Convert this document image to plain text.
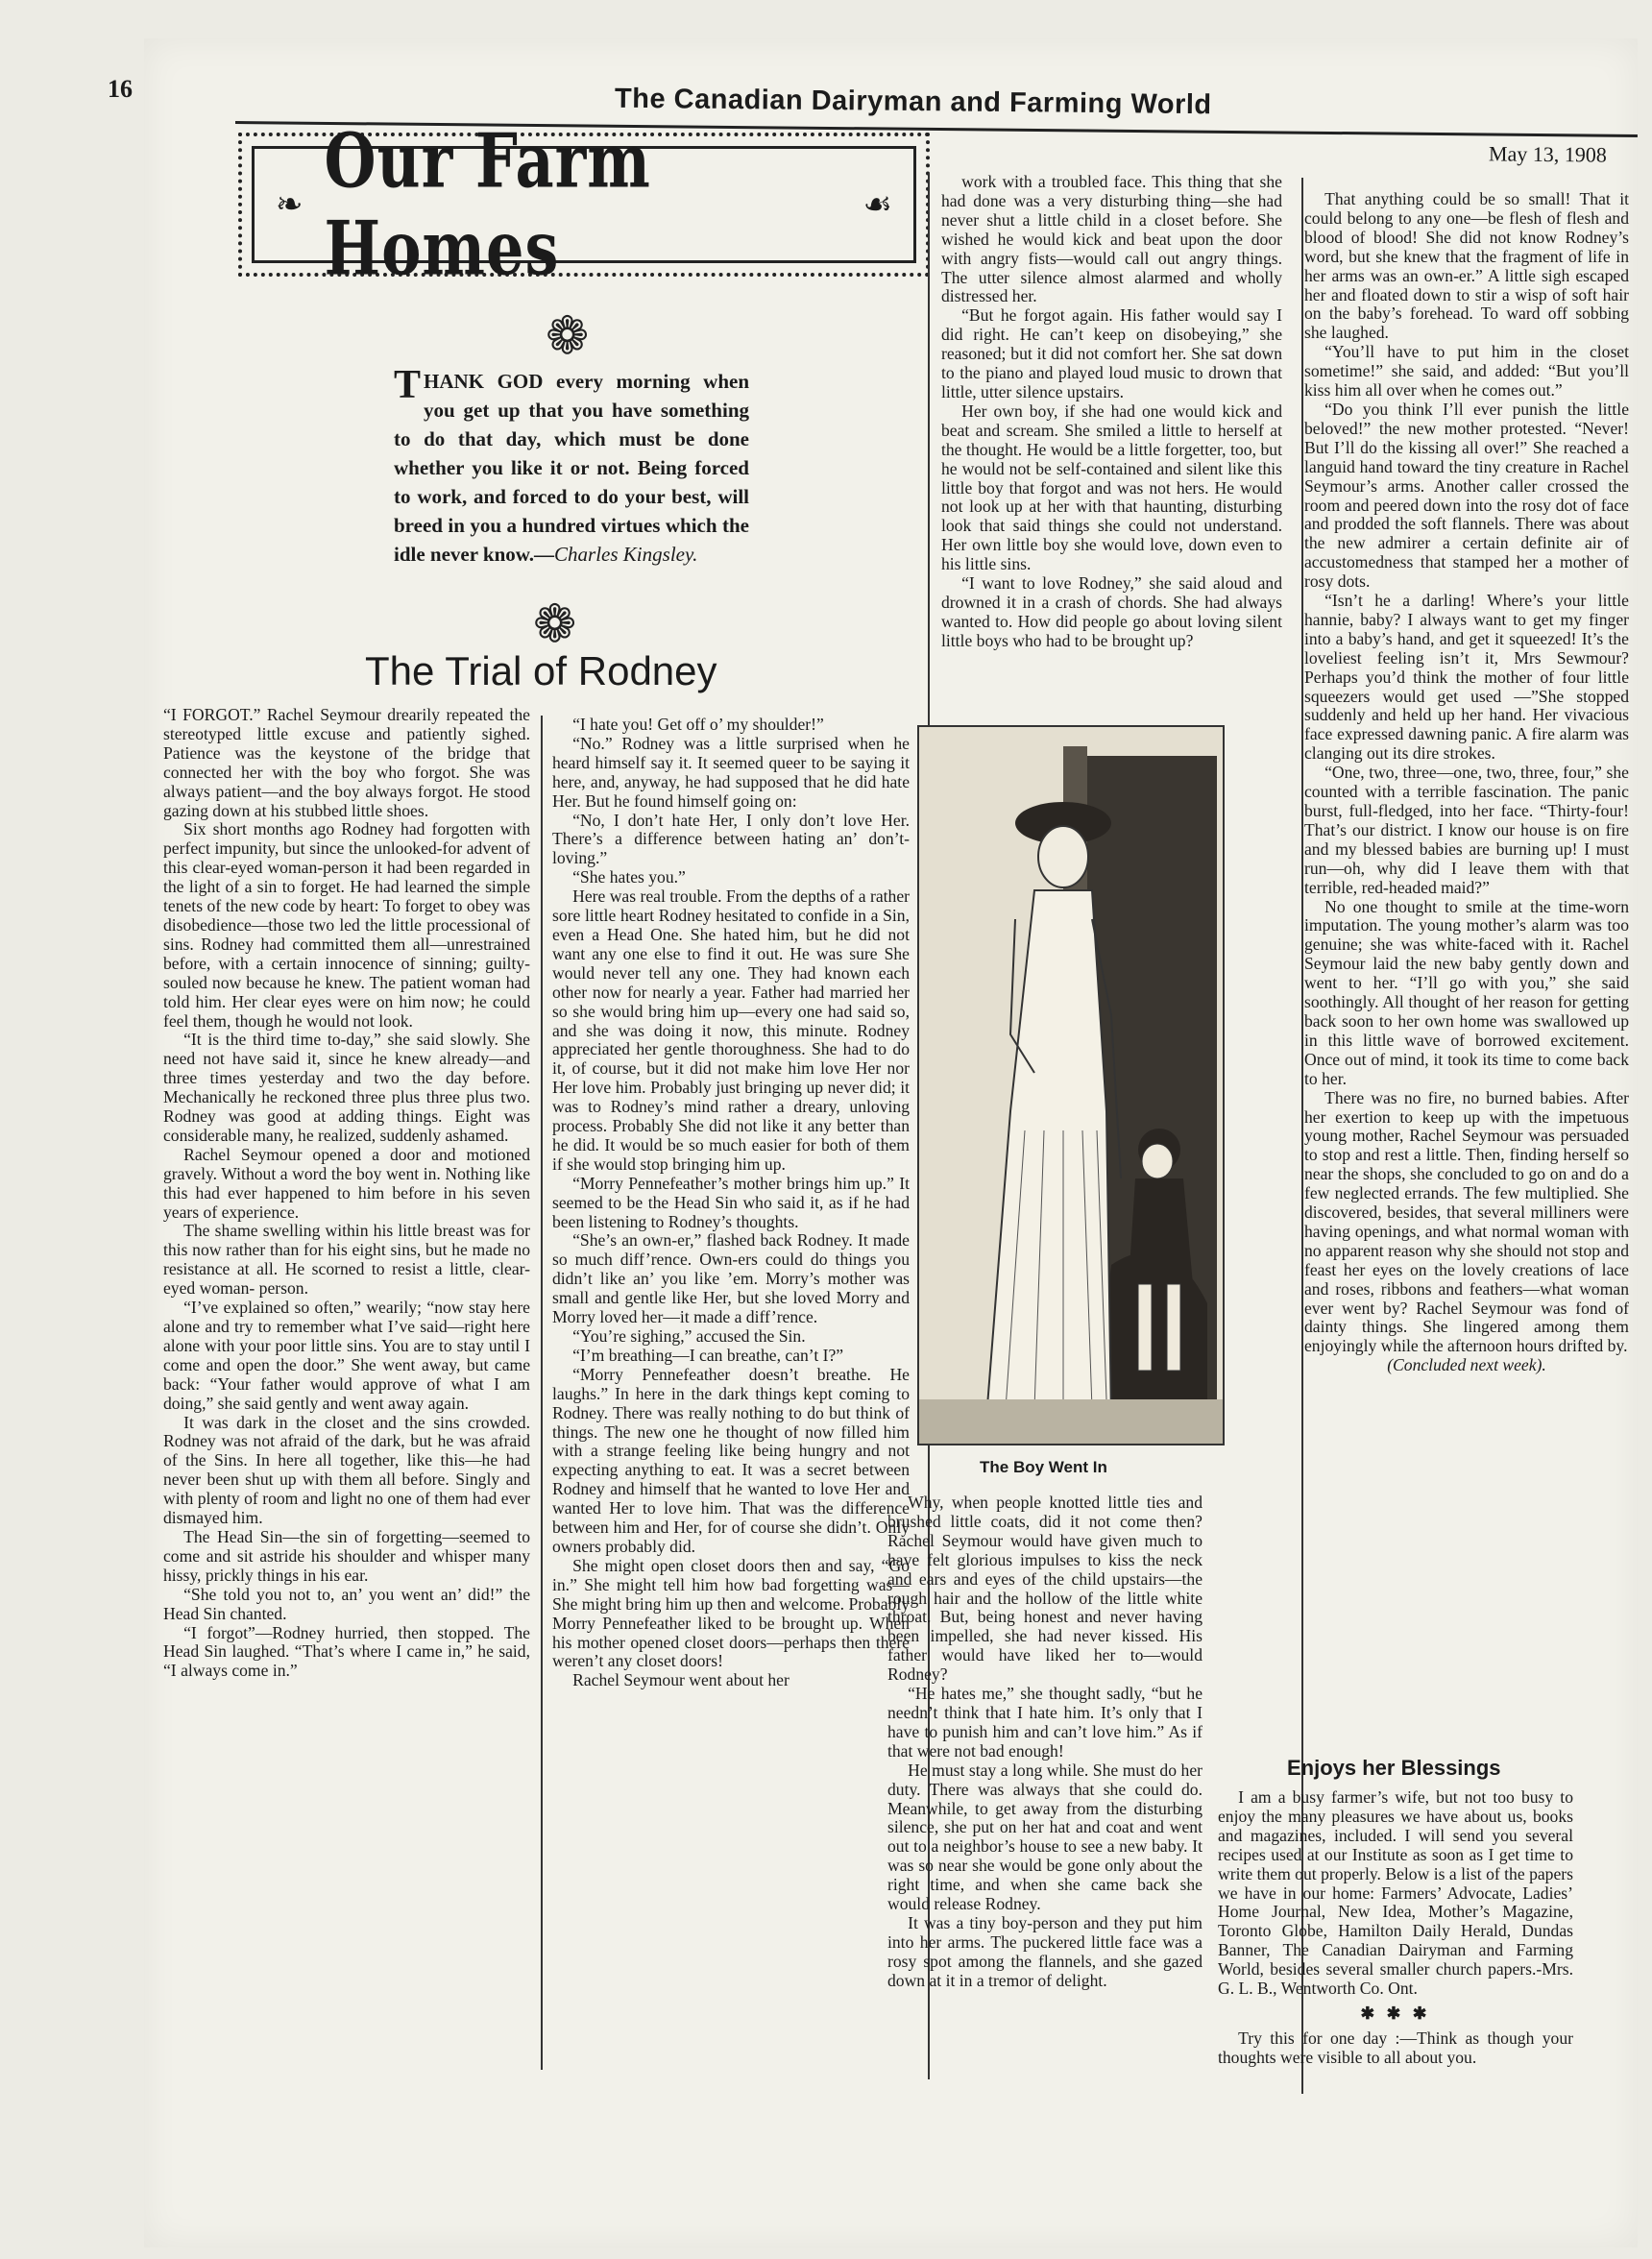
16	The Canadian Dairyman and Farming World
May 13, 1908
❧
Our Farm Homes	☙
❁
THANK GOD every morning when you get up that you have something to do that day, which must be done whether you like it or not. Being forced to work, and forced to do your best, will breed in you a hundred virtues which the idle never know.—Charles Kingsley.
❁
The Trial of Rodney

“I FORGOT.” Rachel Seymour drearily repeated the stereotyped little excuse and patiently sighed. Patience was the keystone of the bridge that connected her with the boy who forgot. She was always patient—and the boy always forgot. He stood gazing down at his stubbed little shoes.

Six short months ago Rodney had forgotten with perfect impunity, but since the unlooked-for advent of this clear-eyed woman-person it had been regarded in the light of a sin to forget. He had learned the simple tenets of the new code by heart: To forget to obey was disobedience—those two led the little processional of sins. Rodney had committed them all—unrestrained before, with a certain innocence of sinning; guilty-souled now because he knew. The patient woman had told him. Her clear eyes were on him now; he could feel them, though he would not look.

“It is the third time to-day,” she said slowly. She need not have said it, since he knew already—and three times yesterday and two the day before. Mechanically he reckoned three plus three plus two. Rodney was good at adding things. Eight was considerable many, he realized, suddenly ashamed.

Rachel Seymour opened a door and motioned gravely. Without a word the boy went in. Nothing like this had ever happened to him before in his seven years of experience.

The shame swelling within his little breast was for this now rather than for his eight sins, but he made no resistance at all. He scorned to resist a little, clear-eyed woman- person.

“I’ve explained so often,” wearily; “now stay here alone and try to remember what I’ve said—right here alone with your poor little sins. You are to stay until I come and open the door.” She went away, but came back: “Your father would approve of what I am doing,” she said gently and went away again.

It was dark in the closet and the sins crowded. Rodney was not afraid of the dark, but he was afraid of the Sins. In here all together, like this—he had never been shut up with them all before. Singly and with plenty of room and light no one of them had ever dismayed him.

The Head Sin—the sin of forgetting—seemed to come and sit astride his shoulder and whisper many hissy, prickly things in his ear.

“She told you not to, an’ you went an’ did!” the Head Sin chanted.

“I forgot”—Rodney hurried, then stopped. The Head Sin laughed. “That’s where I came in,” he said, “I always come in.”

“I hate you! Get off o’ my shoulder!”

“No.” Rodney was a little surprised when he heard himself say it. It seemed queer to be saying it here, and, anyway, he had supposed that he did hate Her. But he found himself going on:

“No, I don’t hate Her, I only don’t love Her. There’s a difference between hating an’ don’t-loving.”

“She hates you.”

Here was real trouble. From the depths of a rather sore little heart Rodney hesitated to confide in a Sin, even a Head One. She hated him, but he did not want any one else to find it out. He was sure She would never tell any one. They had known each other now for nearly a year. Father had married her so she would bring him up—every one had said so, and she was doing it now, this minute. Rodney appreciated her gentle thoroughness. She had to do it, of course, but it did not make him love Her nor Her love him. Probably just bringing up never did; it was to Rodney’s mind rather a dreary, unloving process. Probably She did not like it any better than he did. It would be so much easier for both of them if she would stop bringing him up.

“Morry Pennefeather’s mother brings him up.” It seemed to be the Head Sin who said it, as if he had been listening to Rodney’s thoughts.

“She’s an own-er,” flashed back Rodney. It made so much diff’rence. Own-ers could do things you didn’t like an’ you like ’em. Morry’s mother was small and gentle like Her, but she loved Morry and Morry loved her—it made a diff’rence.

“You’re sighing,” accused the Sin.

“I’m breathing—I can breathe, can’t I?”

“Morry Pennefeather doesn’t breathe. He laughs.” In here in the dark things kept coming to Rodney. There was really nothing to do but think of things. The new one he thought of now filled him with a strange feeling like being hungry and not expecting anything to eat. It was a secret between Rodney and himself that he wanted to love Her and wanted Her to love him. That was the difference between him and Her, for of course she didn’t. Only owners probably did.

She might open closet doors then and say, “Go in.” She might tell him how bad forgetting was—She might bring him up then and welcome. Probably Morry Pennefeather liked to be brought up. When his mother opened closet doors—perhaps then there weren’t any closet doors!

Rachel Seymour went about her

work with a troubled face. This thing that she had done was a very disturbing thing—she had never shut a little child in a closet before. She wished he would kick and beat upon the door with angry fists—would call out angry things. The utter silence almost alarmed and wholly distressed her.

“But he forgot again. His father would say I did right. He can’t keep on disobeying,” she reasoned; but it did not comfort her. She sat down to the piano and played loud music to drown that little, utter silence upstairs.

Her own boy, if she had one would kick and beat and scream. She smiled a little to herself at the thought. He would be a little forgetter, too, but he would not be self-contained and silent like this little boy that forgot and was not hers. He would not look up at her with that haunting, disturbing look that said things she could not understand. Her own little boy she would love, down even to his little sins.

“I want to love Rodney,” she said aloud and drowned it in a crash of chords. She had always wanted to. How did people go about loving silent little boys who had to be brought up?

The Boy Went In

Why, when people knotted little ties and brushed little coats, did it not come then? Rachel Seymour would have given much to have felt glorious impulses to kiss the neck and ears and eyes of the child upstairs—the rough hair and the hollow of the little white throat. But, being honest and never having been impelled, she had never kissed. His father would have liked her to—would Rodney?

“He hates me,” she thought sadly, “but he needn’t think that I hate him. It’s only that I have to punish him and can’t love him.” As if that were not bad enough!

He must stay a long while. She must do her duty. There was always that she could do. Meanwhile, to get away from the disturbing silence, she put on her hat and coat and went out to a neighbor’s house to see a new baby. It was so near she would be gone only about the right time, and when she came back she would release Rodney.

It was a tiny boy-person and they put him into her arms. The puckered little face was a rosy spot among the flannels, and she gazed down at it in a tremor of delight.

That anything could be so small! That it could belong to any one—be flesh of flesh and blood of blood! She did not know Rodney’s word, but she knew that the fragment of life in her arms was an own-er.” A little sigh escaped her and floated down to stir a wisp of soft hair on the baby’s forehead. To ward off sobbing she laughed.

“You’ll have to put him in the closet sometime!” she said, and added: “But you’ll kiss him all over when he comes out.”

“Do you think I’ll ever punish the little beloved!” the new mother protested. “Never! But I’ll do the kissing all over!” She reached a languid hand toward the tiny creature in Rachel Seymour’s arms. Another caller crossed the room and peered down into the rosy dot of face and prodded the soft flannels. There was about the new admirer a certain definite air of accustomedness that stamped her a mother of rosy dots.

“Isn’t he a darling! Where’s your little hannie, baby? I always want to get my finger into a baby’s hand, and get it squeezed! It’s the loveliest feeling isn’t it, Mrs Sewmour? Perhaps you’d think the mother of four little squeezers would get used —”She stopped suddenly and held up her hand. Her vivacious face expressed dawning panic. A fire alarm was clanging out its dire strokes.

“One, two, three—one, two, three, four,” she counted with a terrible fascination. The panic burst, full-fledged, into her face. “Thirty-four! That’s our district. I know our house is on fire and my blessed babies are burning up! I must run—oh, why did I leave them with that terrible, red-headed maid?”

No one thought to smile at the time-worn imputation. The young mother’s alarm was too genuine; she was white-faced with it. Rachel Seymour laid the new baby gently down and went to her. “I’ll go with you,” she said soothingly. All thought of her reason for getting back soon to her own home was swallowed up in this little wave of borrowed excitement. Once out of mind, it took its time to come back to her.

There was no fire, no burned babies. After her exertion to keep up with the impetuous young mother, Rachel Seymour was persuaded to stop and rest a little. Then, finding herself so near the shops, she concluded to go on and do a few neglected errands. The few multiplied. She discovered, besides, that several milliners were having openings, and what normal woman with no apparent reason why she should not stop and feast her eyes on the lovely creations of lace and roses, ribbons and feathers—what woman ever went by? Rachel Seymour was fond of dainty things. She lingered among them enjoyingly while the afternoon hours drifted by.

(Concluded next week).

Enjoys her Blessings

I am a busy farmer’s wife, but not too busy to enjoy the many pleasures we have about us, books and magazines, included. I will send you several recipes used at our Institute as soon as I get time to write them out properly. Below is a list of the papers we have in our home: Farmers’ Advocate, Ladies’ Home Journal, New Idea, Mother’s Magazine, Toronto Globe, Hamilton Daily Herald, Dundas Banner, The Canadian Dairyman and Farming World, besides several smaller church papers.-Mrs. G. L. B., Wentworth Co. Ont.

✱ ✱ ✱

Try this for one day :—Think as though your thoughts were visible to all about you.
